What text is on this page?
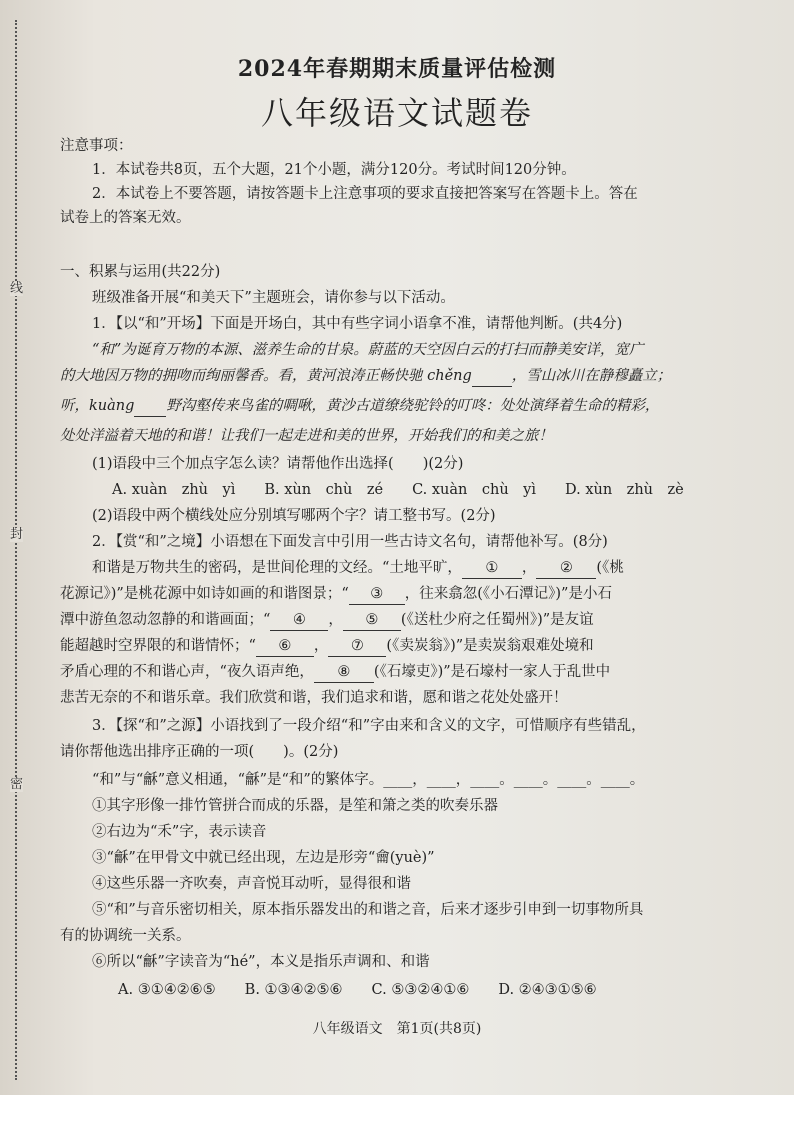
线
封
密
2024年春期期末质量评估检测
八年级语文试题卷
注意事项：
1．本试卷共8页，五个大题，21个小题，满分120分。考试时间120分钟。
2．本试卷上不要答题，请按答题卡上注意事项的要求直接把答案写在答题卡上。答在
试卷上的答案无效。
一、积累与运用(共22分)
班级准备开展“和美天下”主题班会，请你参与以下活动。
1．【以“和”开场】下面是开场白，其中有些字词小语拿不准，请帮他判断。(共4分)
“和”为诞育万物的本源、滋养生命的甘泉。蔚蓝的天空因白云的打扫而静美安详，宽广
的大地因万物的拥吻而绚丽馨香。看，黄河浪涛正畅快驰 chěng	，雪山冰川在静穆矗立；
听，kuàng 野沟壑传来鸟雀的啁啾，黄沙古道缭绕驼铃的叮咚：处处演绎着生命的精彩，
处处洋溢着天地的和谐！让我们一起走进和美的世界，开始我们的和美之旅！
(1)语段中三个加点字怎么读？请帮他作出选择(　　)(2分)
A. xuàn　zhù　yì　　B. xùn　chù　zé　　C. xuàn　chù　yì　　D. xùn　zhù　zè
(2)语段中两个横线处应分别填写哪两个字？请工整书写。(2分)
2．【赏“和”之境】小语想在下面发言中引用一些古诗文名句，请帮他补写。(8分)
和谐是万物共生的密码，是世间伦理的文经。“土地平旷， ① ， ② (《桃
花源记》)”是桃花源中如诗如画的和谐图景；“ ③ ，往来翕忽(《小石潭记》)”是小石
潭中游鱼忽动忽静的和谐画面；“ ④ ， ⑤ (《送杜少府之任蜀州》)”是友谊
能超越时空界限的和谐情怀；“ ⑥ ， ⑦ (《卖炭翁》)”是卖炭翁艰难处境和
矛盾心理的不和谐心声，“夜久语声绝， ⑧ (《石壕吏》)”是石壕村一家人于乱世中
悲苦无奈的不和谐乐章。我们欣赏和谐，我们追求和谐，愿和谐之花处处盛开！
3．【探“和”之源】小语找到了一段介绍“和”字由来和含义的文字，可惜顺序有些错乱，
请你帮他选出排序正确的一项(　　)。(2分)
“和”与“龢”意义相通，“龢”是“和”的繁体字。____，____，____。____。____。____。
①其字形像一排竹管拼合而成的乐器，是笙和箫之类的吹奏乐器
②右边为“禾”字，表示读音
③“龢”在甲骨文中就已经出现，左边是形旁“龠(yuè)”
④这些乐器一齐吹奏，声音悦耳动听，显得很和谐
⑤“和”与音乐密切相关，原本指乐器发出的和谐之音，后来才逐步引申到一切事物所具
有的协调统一关系。
⑥所以“龢”字读音为“hé”，本义是指乐声调和、和谐
A. ③①④②⑥⑤　　B. ①③④②⑤⑥　　C. ⑤③②④①⑥　　D. ②④③①⑤⑥
八年级语文　第1页(共8页)
